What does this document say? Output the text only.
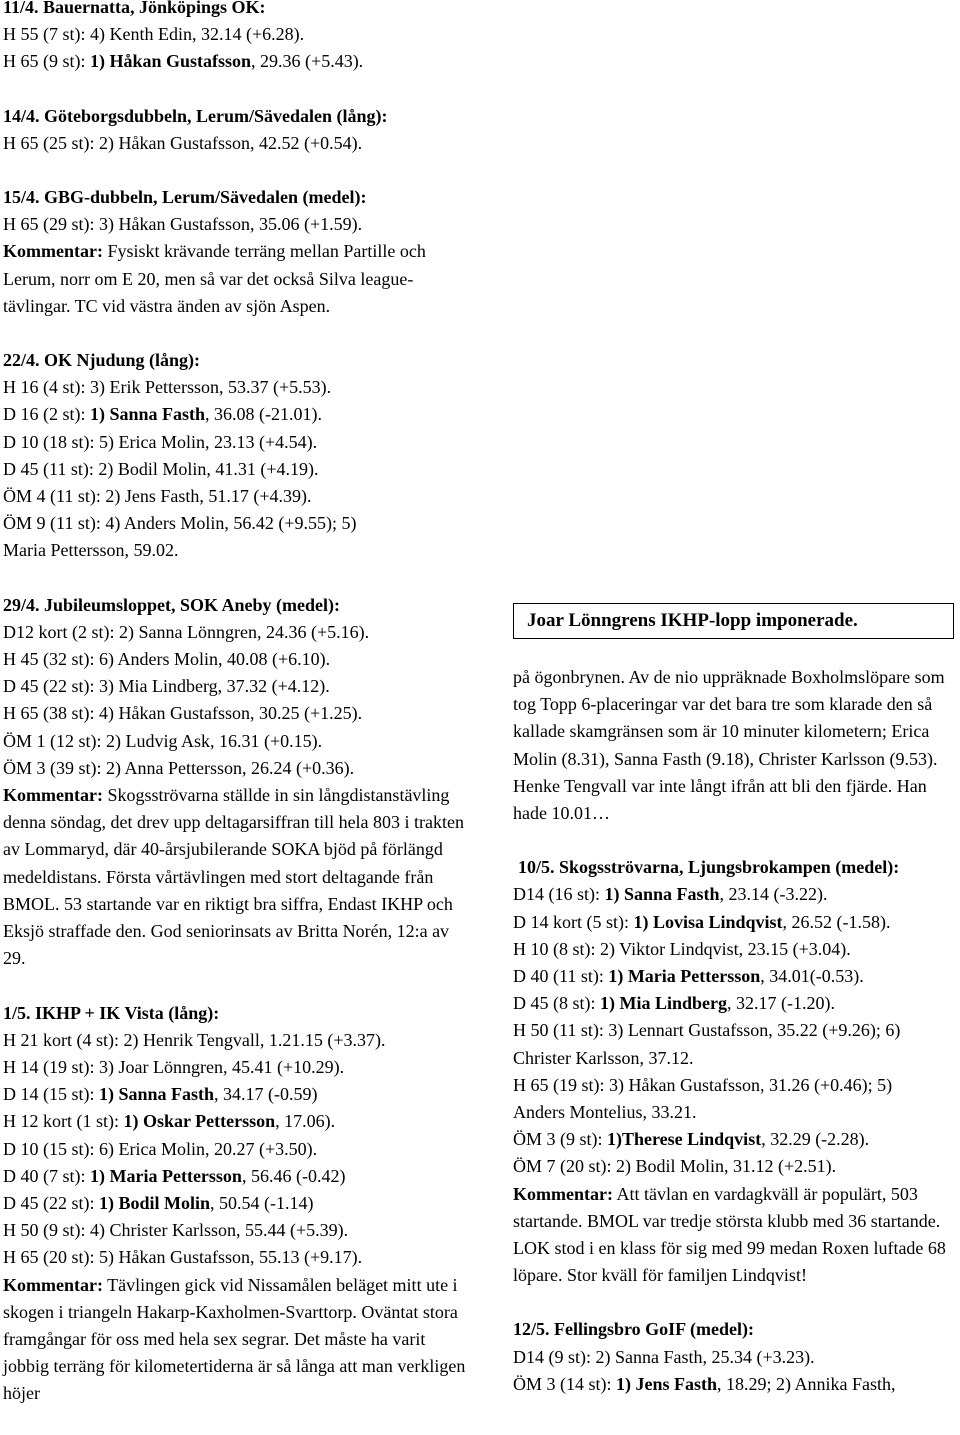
11/4. Bauernatta, Jönköpings OK:
H 55 (7 st): 4) Kenth Edin, 32.14 (+6.28).
H 65 (9 st): 1) Håkan Gustafsson, 29.36 (+5.43).
14/4. Göteborgsdubbeln, Lerum/Sävedalen (lång):
H 65 (25 st): 2) Håkan Gustafsson, 42.52 (+0.54).
15/4. GBG-dubbeln, Lerum/Sävedalen (medel):
H 65 (29 st): 3) Håkan Gustafsson, 35.06 (+1.59).
Kommentar: Fysiskt krävande terräng mellan Partille och Lerum, norr om E 20, men så var det också Silva league-tävlingar. TC vid västra änden av sjön Aspen.
22/4. OK Njudung (lång):
H 16 (4 st): 3) Erik Pettersson, 53.37 (+5.53).
D 16 (2 st): 1) Sanna Fasth, 36.08 (-21.01).
D 10 (18 st): 5) Erica Molin, 23.13 (+4.54).
D 45 (11 st): 2) Bodil Molin, 41.31 (+4.19).
ÖM 4 (11 st): 2) Jens Fasth, 51.17 (+4.39).
ÖM 9 (11 st): 4) Anders Molin, 56.42 (+9.55); 5)
Maria Pettersson, 59.02.
29/4. Jubileumsloppet, SOK Aneby (medel):
D12 kort (2 st): 2) Sanna Lönngren, 24.36 (+5.16).
H 45 (32 st): 6) Anders Molin, 40.08 (+6.10).
D 45 (22 st): 3) Mia Lindberg, 37.32 (+4.12).
H 65 (38 st): 4) Håkan Gustafsson, 30.25 (+1.25).
ÖM 1 (12 st): 2) Ludvig Ask, 16.31 (+0.15).
ÖM 3 (39 st): 2) Anna Pettersson, 26.24 (+0.36).
Kommentar: Skogsströvarna ställde in sin långdistanstävling denna söndag, det drev upp deltagarsiffran till hela 803 i trakten av Lommaryd, där 40-årsjubilerande SOKA bjöd på förlängd medeldistans. Första vårtävlingen med stort deltagande från BMOL. 53 startande var en riktigt bra siffra, Endast IKHP och Eksjö straffade den. God seniorinsats av Britta Norén, 12:a av 29.
1/5. IKHP + IK Vista (lång):
H 21 kort (4 st): 2) Henrik Tengvall, 1.21.15 (+3.37).
H 14 (19 st): 3) Joar Lönngren, 45.41 (+10.29).
D 14 (15 st): 1) Sanna Fasth, 34.17 (-0.59)
H 12 kort (1 st): 1) Oskar Pettersson, 17.06).
D 10 (15 st): 6) Erica Molin, 20.27 (+3.50).
D 40 (7 st): 1) Maria Pettersson, 56.46 (-0.42)
D 45 (22 st): 1) Bodil Molin, 50.54 (-1.14)
H 50 (9 st): 4) Christer Karlsson, 55.44 (+5.39).
H 65 (20 st): 5) Håkan Gustafsson, 55.13 (+9.17).
Kommentar: Tävlingen gick vid Nissamålen beläget mitt ute i skogen i triangeln Hakarp-Kaxholmen-Svarttorp. Oväntat stora framgångar för oss med hela sex segrar. Det måste ha varit jobbig terräng för kilometertiderna är så långa att man verkligen höjer
Joar Lönngrens IKHP-lopp imponerade.
på ögonbrynen. Av de nio uppräknade Boxholmslöpare som tog Topp 6-placeringar var det bara tre som klarade den så kallade skamgränsen som är 10 minuter kilometern; Erica Molin (8.31), Sanna Fasth (9.18), Christer Karlsson (9.53). Henke Tengvall var inte långt ifrån att bli den fjärde. Han hade 10.01…
10/5. Skogsströvarna, Ljungsbrokampen (medel):
D14 (16 st): 1) Sanna Fasth, 23.14 (-3.22).
D 14 kort (5 st): 1) Lovisa Lindqvist, 26.52 (-1.58).
H 10 (8 st): 2) Viktor Lindqvist, 23.15 (+3.04).
D 40 (11 st): 1) Maria Pettersson, 34.01(-0.53).
D 45 (8 st): 1) Mia Lindberg, 32.17 (-1.20).
H 50 (11 st): 3) Lennart Gustafsson, 35.22 (+9.26); 6)
Christer Karlsson, 37.12.
H 65 (19 st): 3) Håkan Gustafsson, 31.26 (+0.46); 5)
Anders Montelius, 33.21.
ÖM 3 (9 st): 1)Therese Lindqvist, 32.29 (-2.28).
ÖM 7 (20 st): 2) Bodil Molin, 31.12 (+2.51).
Kommentar: Att tävlan en vardagkväll är populärt, 503 startande. BMOL var tredje största klubb med 36 startande. LOK stod i en klass för sig med 99 medan Roxen luftade 68 löpare. Stor kväll för familjen Lindqvist!
12/5. Fellingsbro GoIF (medel):
D14 (9 st): 2) Sanna Fasth, 25.34 (+3.23).
ÖM 3 (14 st): 1) Jens Fasth, 18.29; 2) Annika Fasth,
